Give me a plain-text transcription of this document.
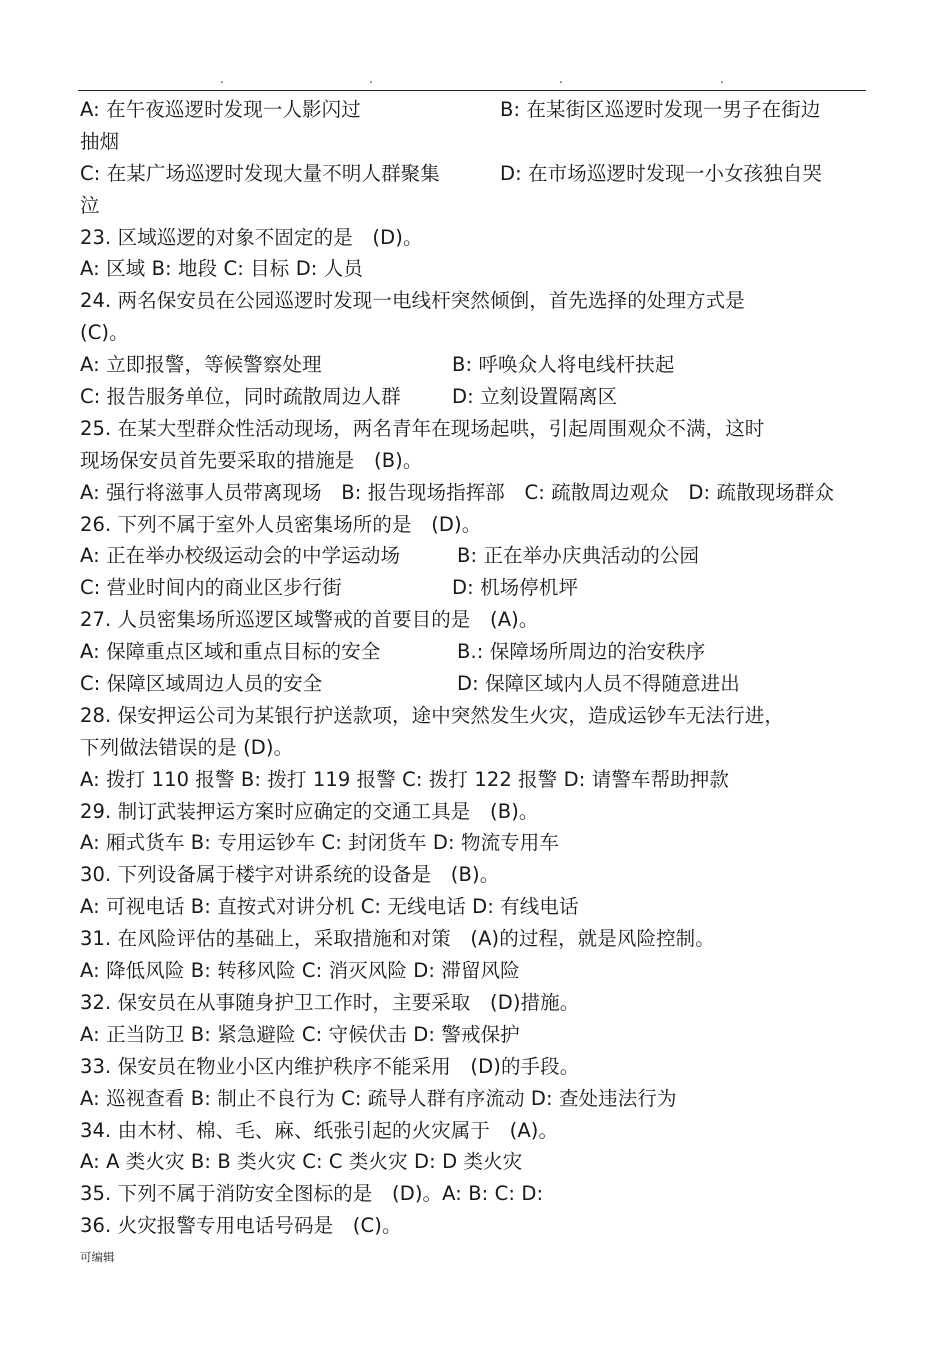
.	.	.	.
A: 在午夜巡逻时发现一人影闪过	B: 在某街区巡逻时发现一男子在街边
抽烟
C: 在某广场巡逻时发现大量不明人群聚集	D: 在市场巡逻时发现一小女孩独自哭
泣
23. 区域巡逻的对象不固定的是　(D)。
A: 区域 B: 地段 C: 目标 D: 人员
24. 两名保安员在公园巡逻时发现一电线杆突然倾倒，首先选择的处理方式是
(C)。
A: 立即报警，等候警察处理	B: 呼唤众人将电线杆扶起
C: 报告服务单位，同时疏散周边人群	D: 立刻设置隔离区
25. 在某大型群众性活动现场，两名青年在现场起哄，引起周围观众不满，这时
现场保安员首先要采取的措施是　(B)。
A: 强行将滋事人员带离现场　B: 报告现场指挥部　C: 疏散周边观众　D: 疏散现场群众
26. 下列不属于室外人员密集场所的是　(D)。
A: 正在举办校级运动会的中学运动场	B: 正在举办庆典活动的公园
C: 营业时间内的商业区步行街	D: 机场停机坪
27. 人员密集场所巡逻区域警戒的首要目的是　(A)。
A: 保障重点区域和重点目标的安全	B.: 保障场所周边的治安秩序
C: 保障区域周边人员的安全	D: 保障区域内人员不得随意进出
28. 保安押运公司为某银行护送款项，途中突然发生火灾，造成运钞车无法行进，
下列做法错误的是 (D)。
A: 拨打 110 报警 B: 拨打 119 报警 C: 拨打 122 报警 D: 请警车帮助押款
29. 制订武装押运方案时应确定的交通工具是　(B)。
A: 厢式货车 B: 专用运钞车 C: 封闭货车 D: 物流专用车
30. 下列设备属于楼宇对讲系统的设备是　(B)。
A: 可视电话 B: 直按式对讲分机 C: 无线电话 D: 有线电话
31. 在风险评估的基础上，采取措施和对策　(A)的过程，就是风险控制。
A: 降低风险 B: 转移风险 C: 消灭风险 D: 滞留风险
32. 保安员在从事随身护卫工作时，主要采取　(D)措施。
A: 正当防卫 B: 紧急避险 C: 守候伏击 D: 警戒保护
33. 保安员在物业小区内维护秩序不能采用　(D)的手段。
A: 巡视查看 B: 制止不良行为 C: 疏导人群有序流动 D: 查处违法行为
34. 由木材、棉、毛、麻、纸张引起的火灾属于　(A)。
A: A 类火灾 B: B 类火灾 C: C 类火灾 D: D 类火灾
35. 下列不属于消防安全图标的是　(D)。A: B: C: D:
36. 火灾报警专用电话号码是　(C)。
可编辑
